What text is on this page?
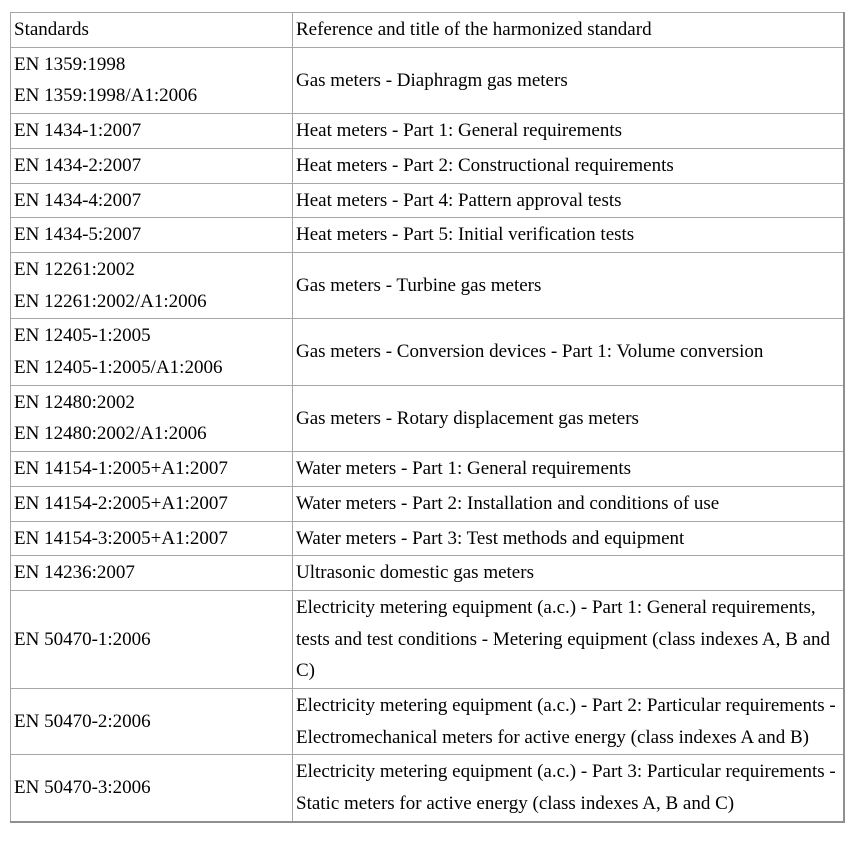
Standards	Reference and title of the harmonized standard

EN 1359:1998
EN 1359:1998/A1:2006	Gas meters - Diaphragm gas meters

EN 1434-1:2007	Heat meters - Part 1: General requirements

EN 1434-2:2007	Heat meters - Part 2: Constructional requirements

EN 1434-4:2007	Heat meters - Part 4: Pattern approval tests

EN 1434-5:2007	Heat meters - Part 5: Initial verification tests

EN 12261:2002
EN 12261:2002/A1:2006	Gas meters - Turbine gas meters

EN 12405-1:2005
EN 12405-1:2005/A1:2006	Gas meters - Conversion devices - Part 1: Volume conversion

EN 12480:2002
EN 12480:2002/A1:2006	Gas meters - Rotary displacement gas meters

EN 14154-1:2005+A1:2007	Water meters - Part 1: General requirements

EN 14154-2:2005+A1:2007	Water meters - Part 2: Installation and conditions of use

EN 14154-3:2005+A1:2007	Water meters - Part 3: Test methods and equipment

EN 14236:2007	Ultrasonic domestic gas meters

EN 50470-1:2006	Electricity metering equipment (a.c.) - Part 1: General requirements, tests and test conditions - Metering equipment (class indexes A, B and C)

EN 50470-2:2006	Electricity metering equipment (a.c.) - Part 2: Particular requirements - Electromechanical meters for active energy (class indexes A and B)

EN 50470-3:2006	Electricity metering equipment (a.c.) - Part 3: Particular requirements - Static meters for active energy (class indexes A, B and C)
